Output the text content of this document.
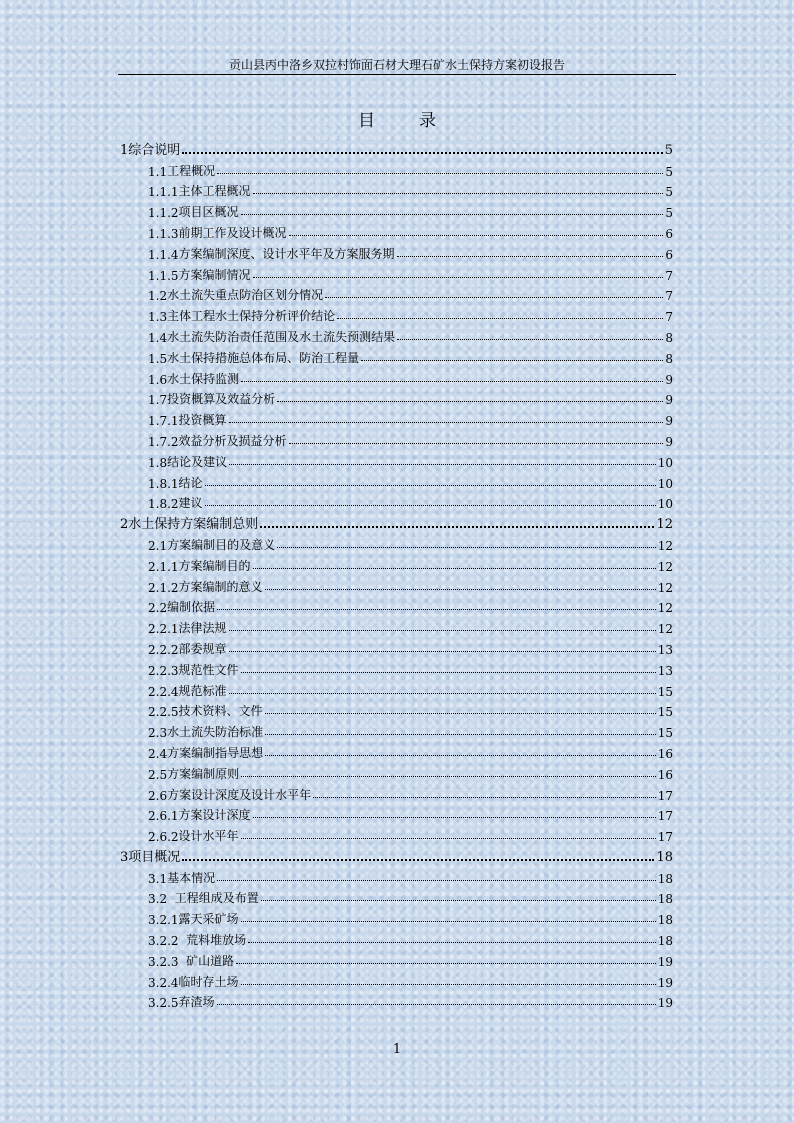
贡山县丙中洛乡双拉村饰面石材大理石矿水土保持方案初设报告
目录
1 综合说明	5
1.1 工程概况	5
1.1.1 主体工程概况	5
1.1.2 项目区概况	5
1.1.3 前期工作及设计概况	6
1.1.4 方案编制深度、设计水平年及方案服务期	6
1.1.5 方案编制情况	7
1.2 水土流失重点防治区划分情况	7
1.3 主体工程水土保持分析评价结论	7
1.4 水土流失防治责任范围及水土流失预测结果	8
1.5 水土保持措施总体布局、防治工程量	8
1.6 水土保持监测	9
1.7 投资概算及效益分析	9
1.7.1 投资概算	9
1.7.2 效益分析及损益分析	9
1.8 结论及建议	10
1.8.1 结论	10
1.8.2 建议	10
2 水土保持方案编制总则	12
2.1 方案编制目的及意义	12
2.1.1 方案编制目的	12
2.1.2 方案编制的意义	12
2.2 编制依据	12
2.2.1 法律法规	12
2.2.2 部委规章	13
2.2.3 规范性文件	13
2.2.4 规范标准	15
2.2.5 技术资料、文件	15
2.3 水土流失防治标准	15
2.4 方案编制指导思想	16
2.5 方案编制原则	16
2.6 方案设计深度及设计水平年	17
2.6.1 方案设计深度	17
2.6.2 设计水平年	17
3 项目概况	18
3.1 基本情况	18
3.2 工程组成及布置	18
3.2.1 露天采矿场	18
3.2.2 荒料堆放场	18
3.2.3 矿山道路	19
3.2.4 临时存土场	19
3.2.5 弃渣场	19
1
